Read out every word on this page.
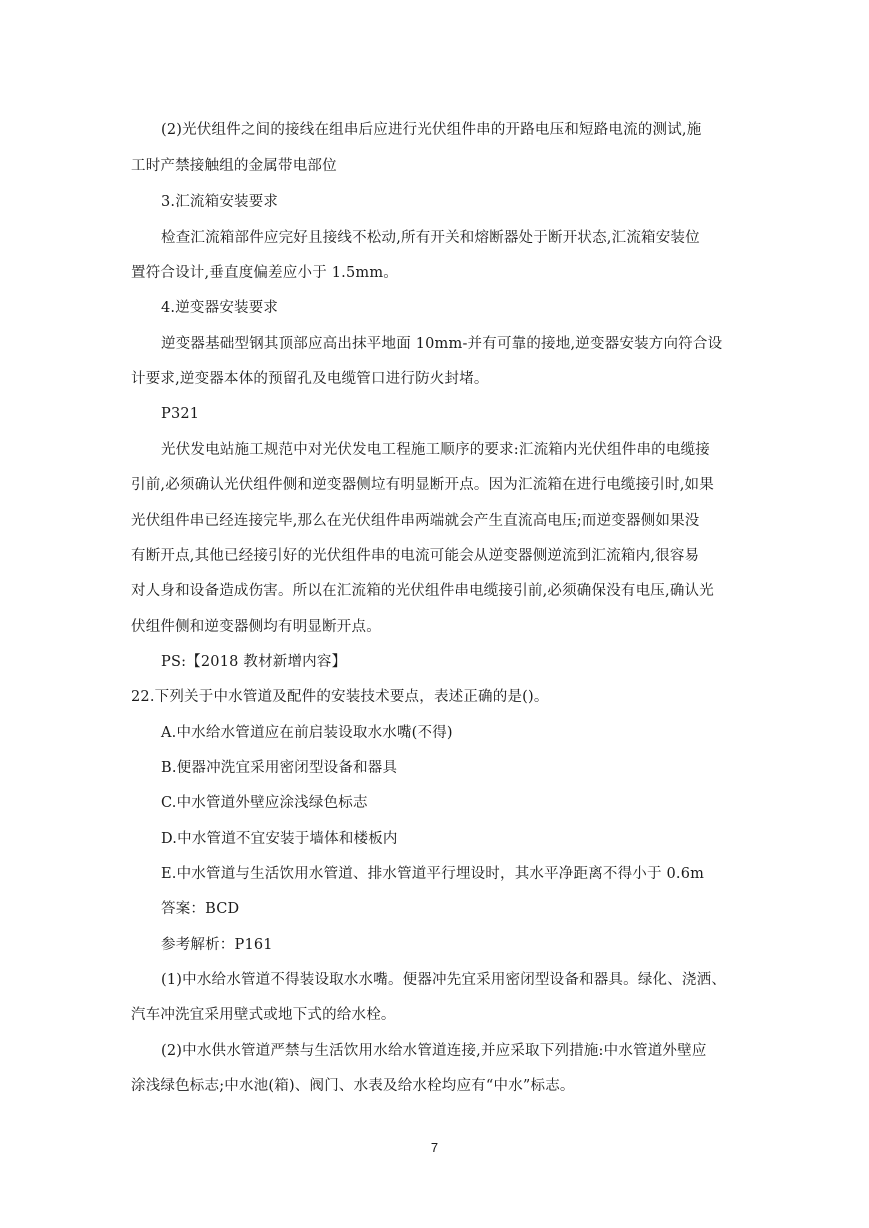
(2)光伏组件之间的接线在组串后应进行光伏组件串的开路电压和短路电流的测试,施
工时产禁接触组的金属带电部位
3.汇流箱安装要求
检查汇流箱部件应完好且接线不松动,所有开关和熔断器处于断开状态,汇流箱安装位
置符合设计,垂直度偏差应小于 1.5mm。
4.逆变器安装要求
逆变器基础型钢其顶部应高出抹平地面 10mm-并有可靠的接地,逆变器安装方向符合设
计要求,逆变器本体的预留孔及电缆管口进行防火封堵。
P321
光伏发电站施工规范中对光伏发电工程施工顺序的要求:汇流箱内光伏组件串的电缆接
引前,必须确认光伏组件侧和逆变器侧垃有明显断开点。因为汇流箱在进行电缆接引时,如果
光伏组件串已经连接完毕,那么在光伏组件串两端就会产生直流高电压;而逆变器侧如果没
有断开点,其他已经接引好的光伏组件串的电流可能会从逆变器侧逆流到汇流箱内,很容易
对人身和设备造成伤害。所以在汇流箱的光伏组件串电缆接引前,必须确保没有电压,确认光
伏组件侧和逆变器侧均有明显断开点。
PS:【2018 教材新增内容】
22.下列关于中水管道及配件的安装技术要点，表述正确的是()。
A.中水给水管道应在前启装设取水水嘴(不得)
B.便器冲洗宜采用密闭型设备和器具
C.中水管道外壁应涂浅绿色标志
D.中水管道不宜安装于墙体和楼板内
E.中水管道与生活饮用水管道、排水管道平行埋设时，其水平净距离不得小于 0.6m
答案：BCD
参考解析：P161
(1)中水给水管道不得装设取水水嘴。便器冲先宜采用密闭型设备和器具。绿化、浇洒、
汽车冲洗宜采用壁式或地下式的给水栓。
(2)中水供水管道严禁与生活饮用水给水管道连接,并应采取下列措施:中水管道外壁应
涂浅绿色标志;中水池(箱)、阀门、水表及给水栓均应有“中水”标志。
7
